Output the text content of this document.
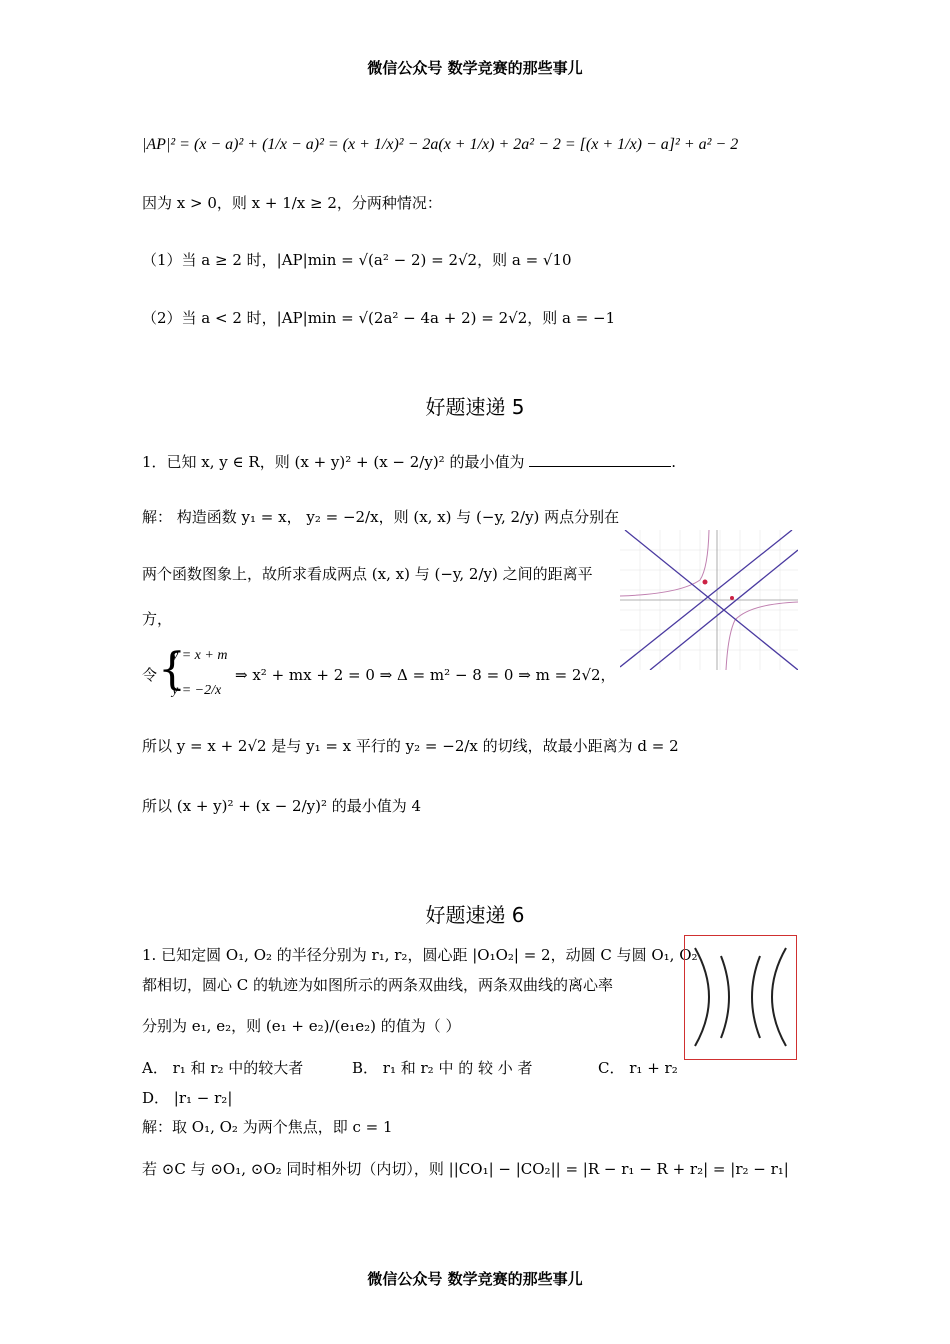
微信公众号 数学竞赛的那些事儿
|AP|² = (x − a)² + (1/x − a)² = (x + 1/x)² − 2a(x + 1/x) + 2a² − 2 = [(x + 1/x) − a]² + a² − 2
因为 x > 0，则 x + 1/x ≥ 2，分两种情况：
（1）当 a ≥ 2 时，|AP|min = √(a² − 2) = 2√2，则 a = √10
（2）当 a < 2 时，|AP|min = √(2a² − 4a + 2) = 2√2，则 a = −1
好题速递 5
1．已知 x, y ∈ R，则 (x + y)² + (x − 2/y)² 的最小值为	.
解： 构造函数 y₁ = x， y₂ = −2/x，则 (x, x) 与 (−y, 2/y) 两点分别在
两个函数图象上，故所求看成两点 (x, x) 与 (−y, 2/y) 之间的距离平
方，
令 {
y = x + m
y = −2/x
⇒ x² + mx + 2 = 0 ⇒ Δ = m² − 8 = 0 ⇒ m = 2√2，
所以 y = x + 2√2 是与 y₁ = x 平行的 y₂ = −2/x 的切线，故最小距离为 d = 2
所以 (x + y)² + (x − 2/y)² 的最小值为 4
好题速递 6
1. 已知定圆 O₁, O₂ 的半径分别为 r₁, r₂，圆心距 |O₁O₂| = 2，动圆 C 与圆 O₁, O₂
都相切，圆心 C 的轨迹为如图所示的两条双曲线，两条双曲线的离心率
分别为 e₁, e₂，则 (e₁ + e₂)/(e₁e₂) 的值为（ ）
A． r₁ 和 r₂ 中的较大者	B． r₁ 和 r₂ 中 的 较 小 者	C． r₁ + r₂
D． |r₁ − r₂|
解：取 O₁, O₂ 为两个焦点，即 c = 1
若 ⊙C 与 ⊙O₁, ⊙O₂ 同时相外切（内切），则 ||CO₁| − |CO₂|| = |R − r₁ − R + r₂| = |r₂ − r₁|
微信公众号 数学竞赛的那些事儿
